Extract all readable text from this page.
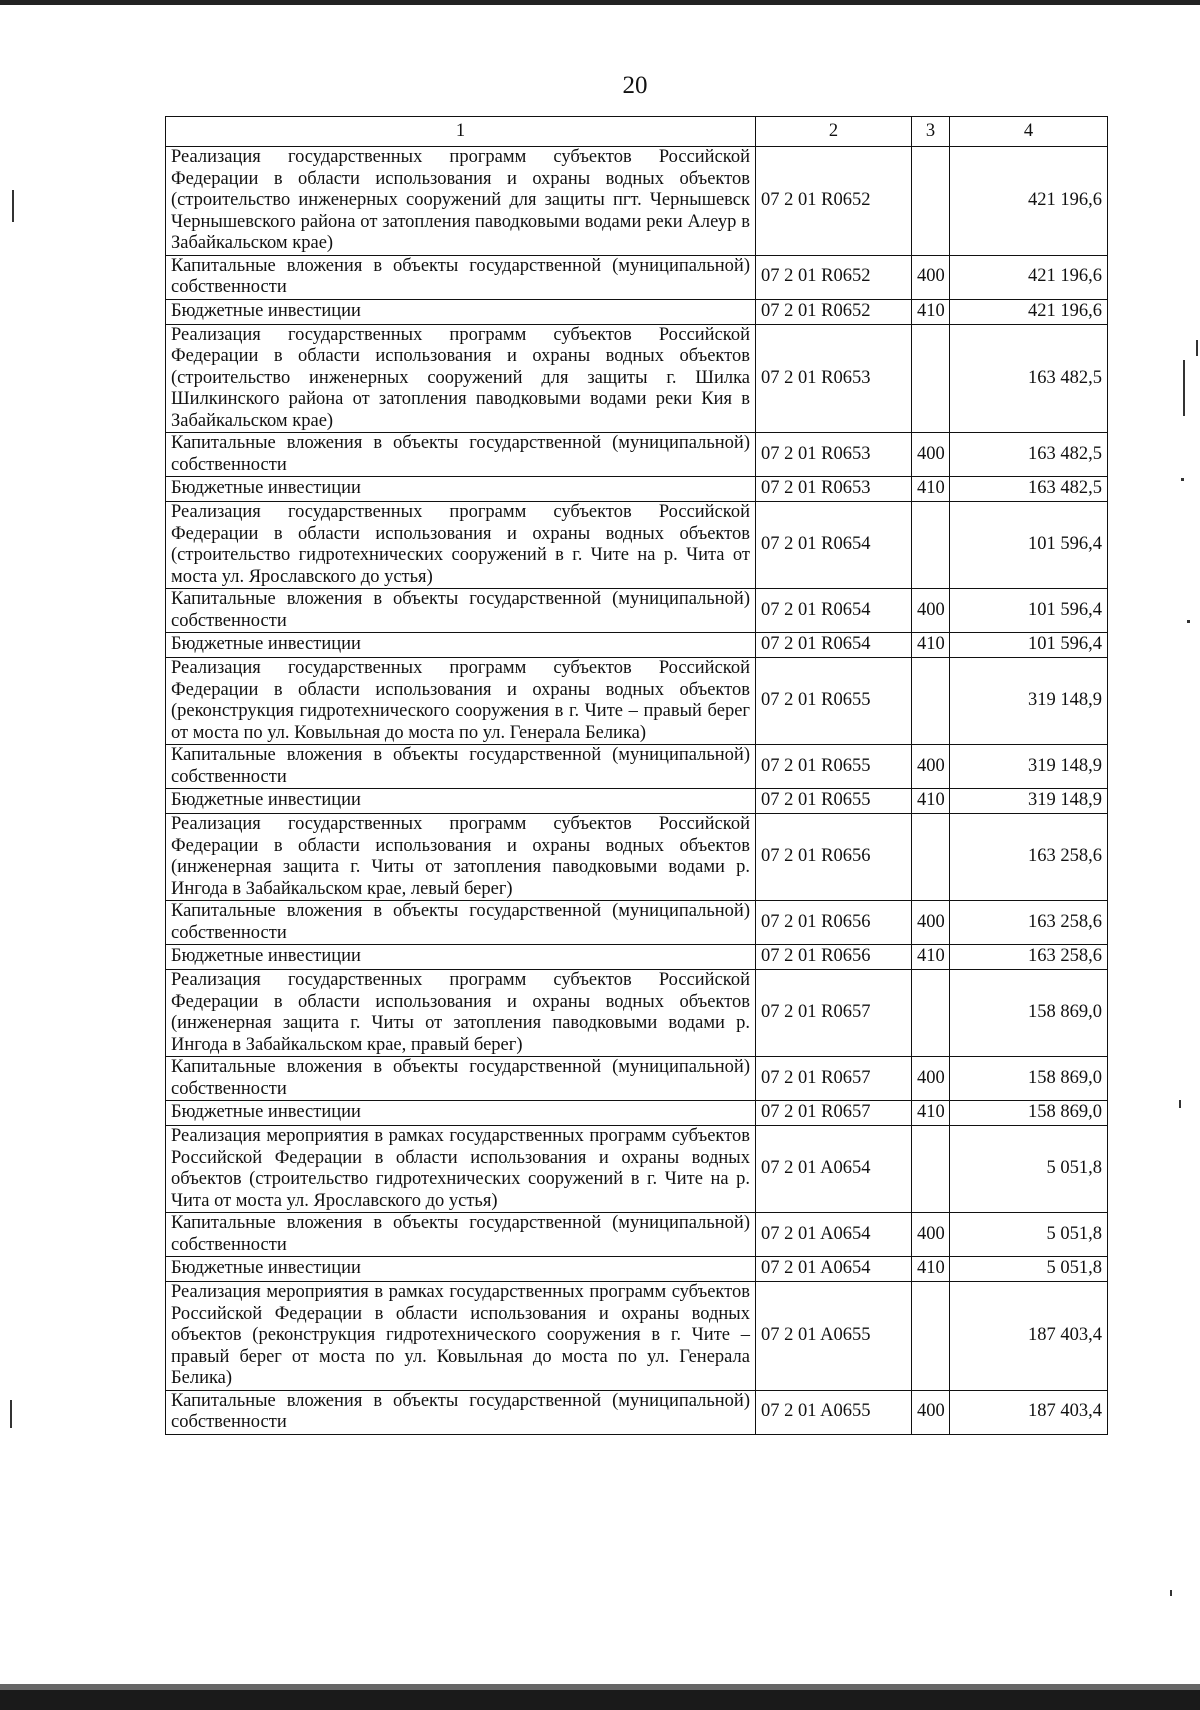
20
1	2	3	4
Реализация государственных программ субъектов Российской Федерации в области использования и охраны водных объектов (строительство инженерных сооружений для защиты пгт. Чернышевск Чернышевского района от затопления паводковыми водами реки Алеур в Забайкальском крае)	07 2 01 R0652		421 196,6
Капитальные вложения в объекты государственной (муниципальной) собственности	07 2 01 R0652	400	421 196,6
Бюджетные инвестиции	07 2 01 R0652	410	421 196,6
Реализация государственных программ субъектов Российской Федерации в области использования и охраны водных объектов (строительство инженерных сооружений для защиты г. Шилка Шилкинского района от затопления паводковыми водами реки Кия в Забайкальском крае)	07 2 01 R0653		163 482,5
Капитальные вложения в объекты государственной (муниципальной) собственности	07 2 01 R0653	400	163 482,5
Бюджетные инвестиции	07 2 01 R0653	410	163 482,5
Реализация государственных программ субъектов Российской Федерации в области использования и охраны водных объектов (строительство гидротехнических сооружений в г. Чите на р. Чита от моста ул. Ярославского до устья)	07 2 01 R0654		101 596,4
Капитальные вложения в объекты государственной (муниципальной) собственности	07 2 01 R0654	400	101 596,4
Бюджетные инвестиции	07 2 01 R0654	410	101 596,4
Реализация государственных программ субъектов Российской Федерации в области использования и охраны водных объектов (реконструкция гидротехнического сооружения в г. Чите – правый берег от моста по ул. Ковыльная до моста по ул. Генерала Белика)	07 2 01 R0655		319 148,9
Капитальные вложения в объекты государственной (муниципальной) собственности	07 2 01 R0655	400	319 148,9
Бюджетные инвестиции	07 2 01 R0655	410	319 148,9
Реализация государственных программ субъектов Российской Федерации в области использования и охраны водных объектов (инженерная защита г. Читы от затопления паводковыми водами р. Ингода в Забайкальском крае, левый берег)	07 2 01 R0656		163 258,6
Капитальные вложения в объекты государственной (муниципальной) собственности	07 2 01 R0656	400	163 258,6
Бюджетные инвестиции	07 2 01 R0656	410	163 258,6
Реализация государственных программ субъектов Российской Федерации в области использования и охраны водных объектов (инженерная защита г. Читы от затопления паводковыми водами р. Ингода в Забайкальском крае, правый берег)	07 2 01 R0657		158 869,0
Капитальные вложения в объекты государственной (муниципальной) собственности	07 2 01 R0657	400	158 869,0
Бюджетные инвестиции	07 2 01 R0657	410	158 869,0
Реализация мероприятия в рамках государственных программ субъектов Российской Федерации в области использования и охраны водных объектов (строительство гидротехнических сооружений в г. Чите на р. Чита от моста ул. Ярославского до устья)	07 2 01 A0654		5 051,8
Капитальные вложения в объекты государственной (муниципальной) собственности	07 2 01 A0654	400	5 051,8
Бюджетные инвестиции	07 2 01 A0654	410	5 051,8
Реализация мероприятия в рамках государственных программ субъектов Российской Федерации в области использования и охраны водных объектов (реконструкция гидротехнического сооружения в г. Чите – правый берег от моста по ул. Ковыльная до моста по ул. Генерала Белика)	07 2 01 A0655		187 403,4
Капитальные вложения в объекты государственной (муниципальной) собственности	07 2 01 A0655	400	187 403,4
